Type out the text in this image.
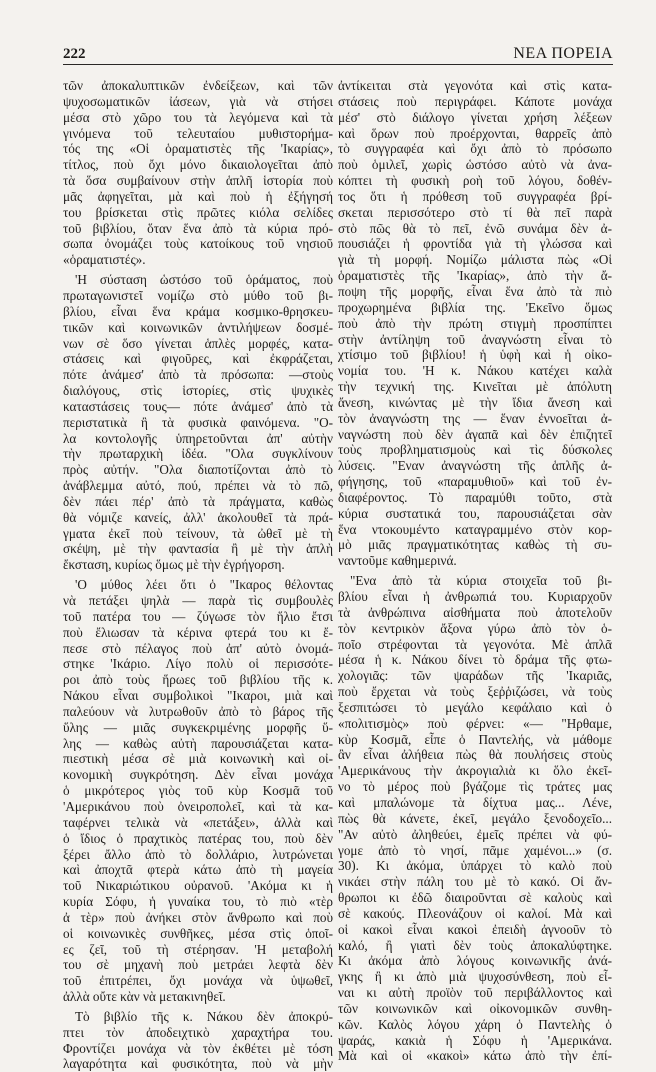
222	ΝΕΑ ΠΟΡΕΙΑ
τῶν ἀποκαλυπτικῶν ἐνδείξεων, καὶ τῶν
ψυχοσωματικῶν ἰάσεων, γιὰ νὰ στήσει
μέσα στὸ χῶρο του τὰ λεγόμενα καὶ τὰ
γινόμενα τοῦ τελευταίου μυθιστορήμα-
τός της «Οἱ ὁραματιστὲς τῆς 'Ικαρίας»,
τίτλος, ποὺ ὄχι μόνο δικαιολογεῖται ἀπὸ
τὰ ὅσα συμβαίνουν στὴν ἁπλῆ ἱστορία ποὺ
μᾶς ἀφηγεῖται, μὰ καὶ ποὺ ἡ ἐξήγησή
του βρίσκεται στὶς πρῶτες κιόλα σελίδες
τοῦ βιβλίου, ὅταν ἕνα ἀπὸ τὰ κύρια πρό-
σωπα ὀνομάζει τοὺς κατοίκους τοῦ νησιοῦ
«ὁραματιστές».
'Η σύσταση ὡστόσο τοῦ ὁράματος, ποὺ
πρωταγωνιστεῖ νομίζω στὸ μύθο τοῦ βι-
βλίου, εἶναι ἕνα κράμα κοσμικο-θρησκευ-
τικῶν καὶ κοινωνικῶν ἀντιλήψεων δοσμέ-
νων σὲ ὅσο γίνεται ἁπλὲς μορφές, κατα-
στάσεις καὶ φιγοῦρες, καὶ ἐκφράζεται,
πότε ἀνάμεσ' ἀπὸ τὰ πρόσωπα: —στοὺς
διαλόγους, στὶς ἱστορίες, στὶς ψυχικὲς
καταστάσεις τους— πότε ἀνάμεσ' ἀπὸ τὰ
περιστατικὰ ἢ τὰ φυσικὰ φαινόμενα. "Ο-
λα κοντολογῆς ὑπηρετοῦνται ἀπ' αὐτὴν
τὴν πρωταρχικὴ ἰδέα. "Ολα συγκλίνουν
πρὸς αὐτήν. "Ολα διαποτίζονται ἀπὸ τὸ
ἀνάβλεμμα αὐτό, πού, πρέπει νὰ τὸ πῶ,
δὲν πάει πέρ' ἀπὸ τὰ πράγματα, καθὼς
θὰ νόμιζε κανείς, ἀλλ' ἀκολουθεῖ τὰ πρά-
γματα ἐκεῖ ποὺ τείνουν, τὰ ὠθεῖ μὲ τὴ
σκέψη, μὲ τὴν φαντασία ἢ μὲ τὴν ἁπλὴ
ἔκσταση, κυρίως ὅμως μὲ τὴν ἐγρήγορση.
'Ο μύθος λέει ὅτι ὁ "Ικαρος θέλοντας
νὰ πετάξει ψηλὰ — παρὰ τὶς συμβουλὲς
τοῦ πατέρα του — ζύγωσε τὸν ἥλιο ἔτσι
ποὺ ἔλιωσαν τὰ κέρινα φτερά του κι ἔ-
πεσε στὸ πέλαγος ποὺ ἀπ' αὐτὸ ὀνομά-
στηκε 'Ικάριο. Λίγο πολὺ οἱ περισσότε-
ροι ἀπὸ τοὺς ἥρωες τοῦ βιβλίου τῆς κ.
Νάκου εἶναι συμβολικοὶ "Ικαροι, μιὰ καὶ
παλεύουν νὰ λυτρωθοῦν ἀπὸ τὸ βάρος τῆς
ὕλης — μιᾶς συγκεκριμένης μορφῆς ὕ-
λης — καθὼς αὐτὴ παρουσιάζεται κατα-
πιεστικὴ μέσα σὲ μιὰ κοινωνικὴ καὶ οἰ-
κονομικὴ συγκρότηση. Δὲν εἶναι μονάχα
ὁ μικρότερος γιὸς τοῦ κὺρ Κοσμᾶ τοῦ
'Αμερικάνου ποὺ ὀνειροπολεῖ, καὶ τὰ κα-
ταφέρνει τελικὰ νὰ «πετάξει», ἀλλὰ καὶ
ὁ ἴδιος ὁ πραχτικὸς πατέρας του, ποὺ δὲν
ξέρει ἄλλο ἀπὸ τὸ δολλάριο, λυτρώνεται
καὶ ἀποχτᾶ φτερὰ κάτω ἀπὸ τὴ μαγεία
τοῦ Νικαριώτικου οὐρανοῦ. 'Ακόμα κι ἡ
κυρία Σόφυ, ἡ γυναίκα του, τὸ πιὸ «τὲρ
ἀ τὲρ» ποὺ ἀνήκει στὸν ἄνθρωπο καὶ ποὺ
οἱ κοινωνικὲς συνθῆκες, μέσα στὶς ὁποῖ-
ες ζεῖ, τοῦ τὴ στέρησαν. 'Η μεταβολή
του σὲ μηχανὴ ποὺ μετράει λεφτὰ δὲν
τοῦ ἐπιτρέπει, ὄχι μονάχα νὰ ὑψωθεῖ,
ἀλλὰ οὔτε κὰν νὰ μετακινηθεῖ.
Τὸ βιβλίο τῆς κ. Νάκου δὲν ἀποκρύ-
πτει τὸν ἀποδειχτικὸ χαραχτήρα του.
Φροντίζει μονάχα νὰ τὸν ἐκθέτει μὲ τόση
λαγαρότητα καὶ φυσικότητα, ποὺ νὰ μὴν
ἀντίκειται στὰ γεγονότα καὶ στὶς κατα-
στάσεις ποὺ περιγράφει. Κάποτε μονάχα
μέσ' στὸ διάλογο γίνεται χρήση λέξεων
καὶ ὅρων ποὺ προέρχονται, θαρρεῖς ἀπὸ
τὸ συγγραφέα καὶ ὄχι ἀπὸ τὸ πρόσωπο
ποὺ ὁμιλεῖ, χωρὶς ὡστόσο αὐτὸ νὰ ἀνα-
κόπτει τὴ φυσικὴ ροὴ τοῦ λόγου, δοθέν-
τος ὅτι ἡ πρόθεση τοῦ συγγραφέα βρί-
σκεται περισσότερο στὸ τί θὰ πεῖ παρὰ
στὸ πῶς θὰ τὸ πεῖ, ἐνῶ συνάμα δὲν ἀ-
πουσιάζει ἡ φροντίδα γιὰ τὴ γλώσσα καὶ
γιὰ τὴ μορφή. Νομίζω μάλιστα πὼς «Οἱ
ὁραματιστὲς τῆς 'Ικαρίας», ἀπὸ τὴν ἄ-
ποψη τῆς μορφῆς, εἶναι ἕνα ἀπὸ τὰ πιὸ
προχωρημένα βιβλία της. 'Εκεῖνο ὅμως
ποὺ ἀπὸ τὴν πρώτη στιγμὴ προσπίπτει
στὴν ἀντίληψη τοῦ ἀναγνώστη εἶναι τὸ
χτίσιμο τοῦ βιβλίου! ἡ ὑφὴ καὶ ἡ οἰκο-
νομία του. 'Η κ. Νάκου κατέχει καλὰ
τὴν τεχνική της. Κινεῖται μὲ ἀπόλυτη
ἄνεση, κινώντας μὲ τὴν ἴδια ἄνεση καὶ
τὸν ἀναγνώστη της — ἕναν ἐννοεῖται ἀ-
ναγνώστη ποὺ δὲν ἀγαπᾶ καὶ δὲν ἐπιζητεῖ
τοὺς προβληματισμοὺς καὶ τὶς δύσκολες
λύσεις. "Εναν ἀναγνώστη τῆς ἁπλῆς ἀ-
φήγησης, τοῦ «παραμυθιοῦ» καὶ τοῦ ἐν-
διαφέροντος. Τὸ παραμύθι τοῦτο, στὰ
κύρια συστατικά του, παρουσιάζεται σὰν
ἕνα ντοκουμέντο καταγραμμένο στὸν κορ-
μὸ μιᾶς πραγματικότητας καθὼς τὴ συ-
ναντοῦμε καθημερινά.
"Ενα ἀπὸ τὰ κύρια στοιχεῖα τοῦ βι-
βλίου εἶναι ἡ ἀνθρωπιά του. Κυριαρχοῦν
τὰ ἀνθρώπινα αἰσθήματα ποὺ ἀποτελοῦν
τὸν κεντρικὸν ἄξονα γύρω ἀπὸ τὸν ὁ-
ποῖο στρέφονται τὰ γεγονότα. Μὲ ἁπλᾶ
μέσα ἡ κ. Νάκου δίνει τὸ δράμα τῆς φτω-
χολογιᾶς: τῶν ψαράδων τῆς 'Ικαριᾶς,
ποὺ ἔρχεται νὰ τοὺς ξεῤῥιζώσει, νὰ τοὺς
ξεσπιτώσει τὸ μεγάλο κεφάλαιο καὶ ὁ
«πολιτισμὸς» ποὺ φέρνει: «— "Ηρθαμε,
κὺρ Κοσμᾶ, εἶπε ὁ Παντελής, νὰ μάθομε
ἂν εἶναι ἀλήθεια πὼς θὰ πουλήσεις στοὺς
'Αμερικάνους τὴν ἀκρογιαλιὰ κι ὅλο ἐκεῖ-
νο τὸ μέρος ποὺ βγάζομε τὶς τράτες μας
καὶ μπαλώνομε τὰ δίχτυα μας... Λένε,
πὼς θὰ κάνετε, ἐκεῖ, μεγάλο ξενοδοχεῖο...
"Αν αὐτὸ ἀληθεύει, ἐμεῖς πρέπει νὰ φύ-
γομε ἀπὸ τὸ νησί, πᾶμε χαμένοι...» (σ.
30). Κι ἀκόμα, ὑπάρχει τὸ καλὸ ποὺ
νικάει στὴν πάλη του μὲ τὸ κακό. Οἱ ἄν-
θρωποι κι ἐδῶ διαιροῦνται σὲ καλοὺς καὶ
σὲ κακούς. Πλεονάζουν οἱ καλοί. Μὰ καὶ
οἱ κακοὶ εἶναι κακοὶ ἐπειδὴ ἀγνοοῦν τὸ
καλό, ἢ γιατὶ δὲν τοὺς ἀποκαλύφτηκε.
Κι ἀκόμα ἀπὸ λόγους κοινωνικῆς ἀνά-
γκης ἢ κι ἀπὸ μιὰ ψυχοσύνθεση, ποὺ εἶ-
ναι κι αὐτὴ προϊὸν τοῦ περιβάλλοντος καὶ
τῶν κοινωνικῶν καὶ οἰκονομικῶν συνθη-
κῶν. Καλὸς λόγου χάρη ὁ Παντελὴς ὁ
ψαράς, κακιὰ ἡ Σόφυ ἡ 'Αμερικάνα.
Μὰ καὶ οἱ «κακοὶ» κάτω ἀπὸ τὴν ἐπί-
